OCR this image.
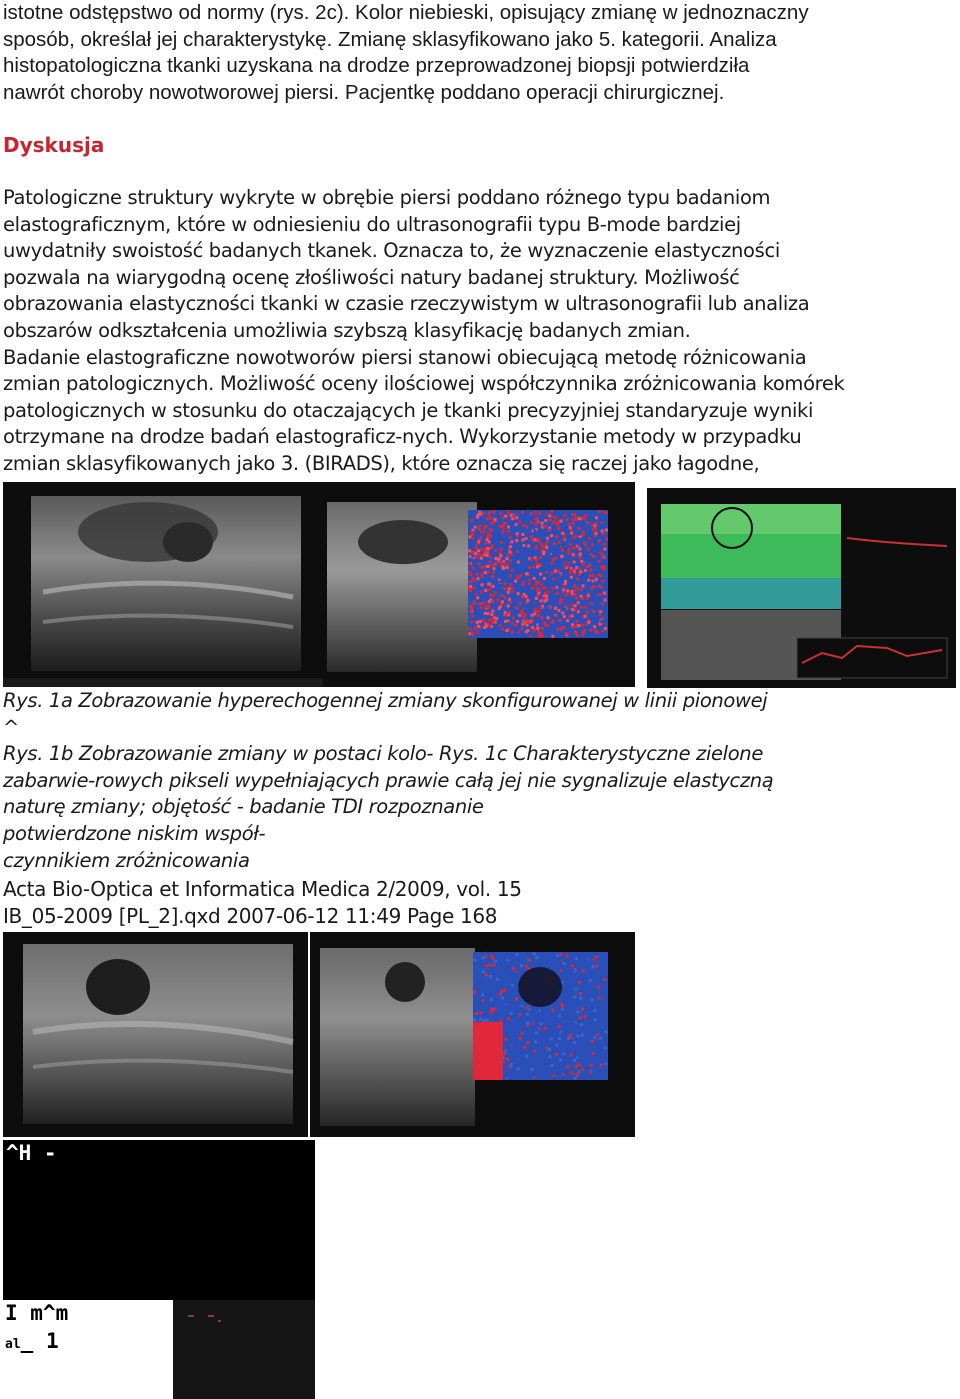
istotne odstępstwo od normy (rys. 2c). Kolor niebieski, opisujący zmianę w jednoznaczny
sposób, określał jej charakterystykę. Zmianę sklasyfikowano jako 5. kategorii. Analiza
histopatologiczna tkanki uzyskana na drodze przeprowadzonej biopsji potwierdziła
nawrót choroby nowotworowej piersi. Pacjentkę poddano operacji chirurgicznej.
Dyskusja
Patologiczne struktury wykryte w obrębie piersi poddano różnego typu badaniom
elastograficznym, które w odniesieniu do ultrasonografii typu B-mode bardziej
uwydatniły swoistość badanych tkanek. Oznacza to, że wyznaczenie elastyczności
pozwala na wiarygodną ocenę złośliwości natury badanej struktury. Możliwość
obrazowania elastyczności tkanki w czasie rzeczywistym w ultrasonografii lub analiza
obszarów odkształcenia umożliwia szybszą klasyfikację badanych zmian.
Badanie elastograficzne nowotworów piersi stanowi obiecującą metodę różnicowania
zmian patologicznych. Możliwość oceny ilościowej współczynnika zróżnicowania komórek
patologicznych w stosunku do otaczających je tkanki precyzyjniej standaryzuje wyniki
otrzymane na drodze badań elastograficz-nych. Wykorzystanie metody w przypadku
zmian sklasyfikowanych jako 3. (BIRADS), które oznacza się raczej jako łagodne,
Rys. 1a Zobrazowanie hyperechogennej zmiany skonfigurowanej w linii pionowej
^
Rys. 1b Zobrazowanie zmiany w postaci kolo- Rys. 1c Charakterystyczne zielone
zabarwie-rowych pikseli wypełniających prawie całą jej nie sygnalizuje elastyczną
naturę zmiany; objętość - badanie TDI rozpoznanie
potwierdzone niskim współ-
czynnikiem zróżnicowania
Acta Bio-Optica et Informatica Medica 2/2009, vol. 15
IB_05-2009 [PL_2].qxd 2007-06-12 11:49 Page 168
^H -
I m^m
al_ 1
.-.--- N
